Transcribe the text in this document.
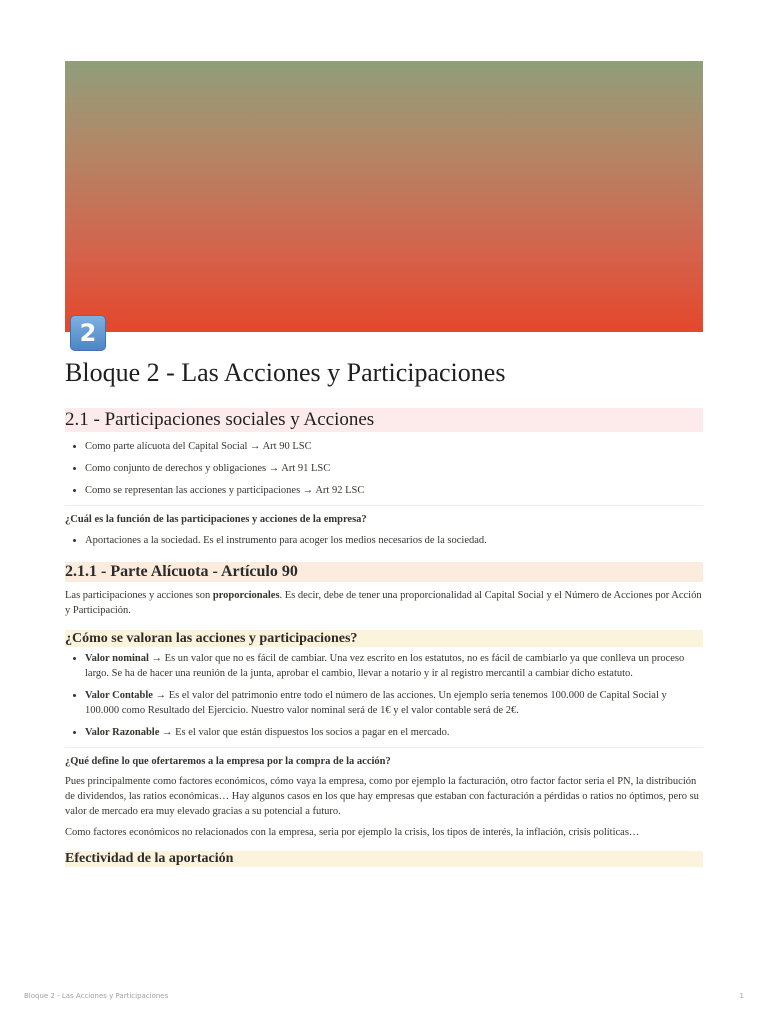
2
Bloque 2 - Las Acciones y Participaciones
2.1 - Participaciones sociales y Acciones
• Como parte alícuota del Capital Social → Art 90 LSC
• Como conjunto de derechos y obligaciones → Art 91 LSC
• Como se representan las acciones y participaciones → Art 92 LSC

¿Cuál es la función de las participaciones y acciones de la empresa?

• Aportaciones a la sociedad. Es el instrumento para acoger los medios necesarios de la sociedad.
2.1.1 - Parte Alícuota - Artículo 90

Las participaciones y acciones son proporcionales. Es decir, debe de tener una proporcionalidad al Capital Social y el Número de Acciones por Acción y Participación.

¿Cómo se valoran las acciones y participaciones?
• Valor nominal → Es un valor que no es fácil de cambiar. Una vez escrito en los estatutos, no es fácil de cambiarlo ya que conlleva un proceso largo. Se ha de hacer una reunión de la junta, aprobar el cambio, llevar a notario y ir al registro mercantil a cambiar dicho estatuto.
• Valor Contable → Es el valor del patrimonio entre todo el número de las acciones. Un ejemplo seria tenemos 100.000 de Capital Social y 100.000 como Resultado del Ejercicio. Nuestro valor nominal será de 1€ y el valor contable será de 2€.
• Valor Razonable → Es el valor que están dispuestos los socios a pagar en el mercado.

¿Qué define lo que ofertaremos a la empresa por la compra de la acción?

Pues principalmente como factores económicos, cómo vaya la empresa, como por ejemplo la facturación, otro factor factor seria el PN, la distribución de dividendos, las ratios económicas… Hay algunos casos en los que hay empresas que estaban con facturación a pérdidas o ratios no óptimos, pero su valor de mercado era muy elevado gracias a su potencial a futuro.

Como factores económicos no relacionados con la empresa, seria por ejemplo la crisis, los tipos de interés, la inflación, crisis políticas…

Efectividad de la aportación
Bloque 2 - Las Acciones y Participaciones	1
